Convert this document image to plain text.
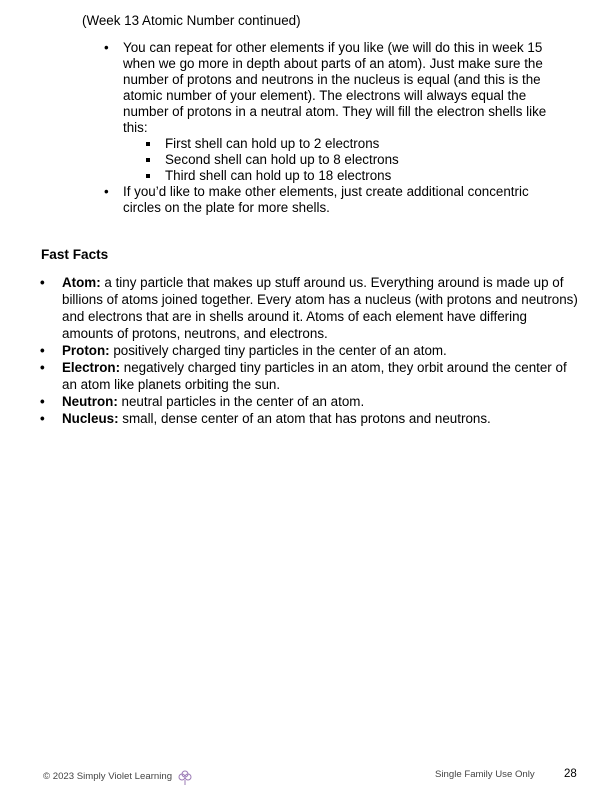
(Week 13 Atomic Number continued)
• You can repeat for other elements if you like (we will do this in week 15 when we go more in depth about parts of an atom). Just make sure the number of protons and neutrons in the nucleus is equal (and this is the atomic number of your element). The electrons will always equal the number of protons in a neutral atom. They will fill the electron shells like this:
First shell can hold up to 2 electrons
Second shell can hold up to 8 electrons
Third shell can hold up to 18 electrons
• If you’d like to make other elements, just create additional concentric circles on the plate for more shells.
Fast Facts
• Atom: a tiny particle that makes up stuff around us. Everything around is made up of billions of atoms joined together. Every atom has a nucleus (with protons and neutrons) and electrons that are in shells around it. Atoms of each element have differing amounts of protons, neutrons, and electrons.
• Proton: positively charged tiny particles in the center of an atom.
• Electron: negatively charged tiny particles in an atom, they orbit around the center of an atom like planets orbiting the sun.
• Neutron: neutral particles in the center of an atom.
• Nucleus: small, dense center of an atom that has protons and neutrons.
© 2023 Simply Violet Learning	Single Family Use Only	28
